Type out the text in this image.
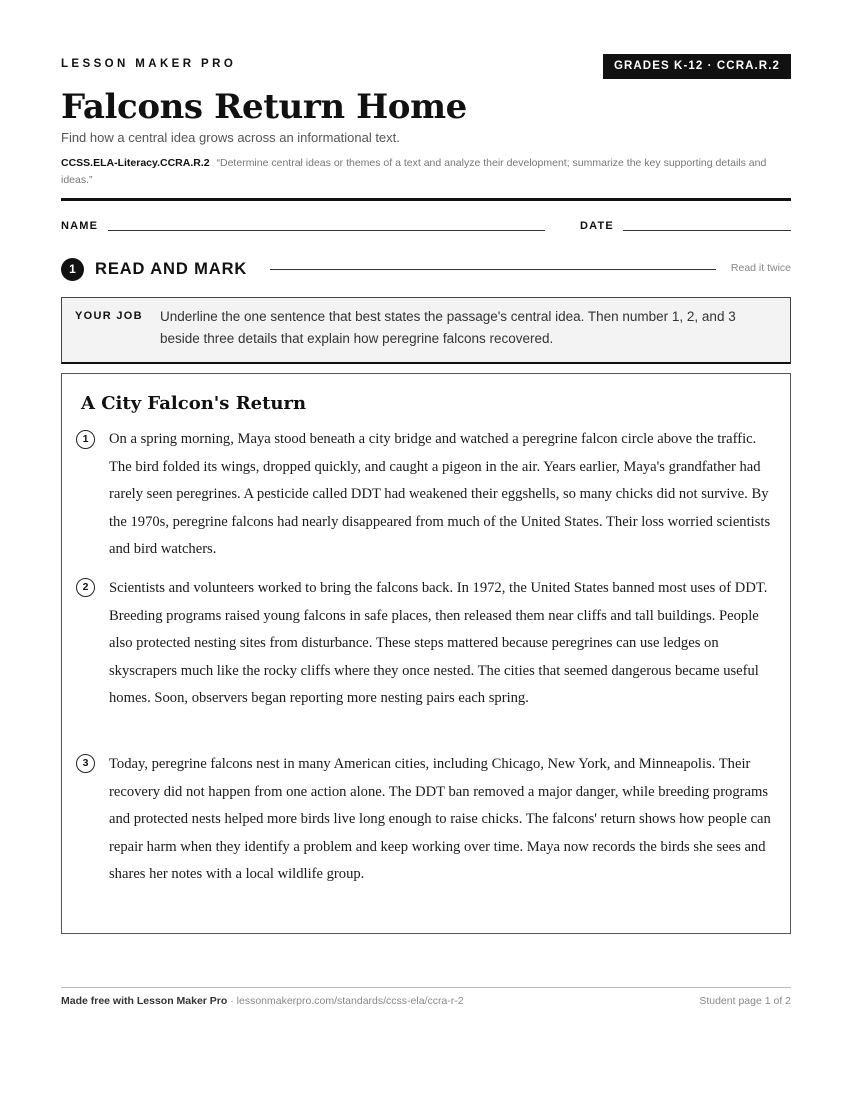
LESSON MAKER PRO	GRADES K-12 · CCRA.R.2
Falcons Return Home
Find how a central idea grows across an informational text.
CCSS.ELA-Literacy.CCRA.R.2 “Determine central ideas or themes of a text and analyze their development; summarize the key supporting details and ideas.”
NAME	DATE
1	READ AND MARK	Read it twice
YOUR JOB Underline the one sentence that best states the passage's central idea. Then number 1, 2, and 3 beside three details that explain how peregrine falcons recovered.
A City Falcon's Return
1	On a spring morning, Maya stood beneath a city bridge and watched a peregrine falcon circle above the traffic. The bird folded its wings, dropped quickly, and caught a pigeon in the air. Years earlier, Maya's grandfather had rarely seen peregrines. A pesticide called DDT had weakened their eggshells, so many chicks did not survive. By the 1970s, peregrine falcons had nearly disappeared from much of the United States. Their loss worried scientists and bird watchers.

2	Scientists and volunteers worked to bring the falcons back. In 1972, the United States banned most uses of DDT. Breeding programs raised young falcons in safe places, then released them near cliffs and tall buildings. People also protected nesting sites from disturbance. These steps mattered because peregrines can use ledges on skyscrapers much like the rocky cliffs where they once nested. The cities that seemed dangerous became useful homes. Soon, observers began reporting more nesting pairs each spring.

3	Today, peregrine falcons nest in many American cities, including Chicago, New York, and Minneapolis. Their recovery did not happen from one action alone. The DDT ban removed a major danger, while breeding programs and protected nests helped more birds live long enough to raise chicks. The falcons' return shows how people can repair harm when they identify a problem and keep working over time. Maya now records the birds she sees and shares her notes with a local wildlife group.

Made free with Lesson Maker Pro · lessonmakerpro.com/standards/ccss-ela/ccra-r-2	Student page 1 of 2
